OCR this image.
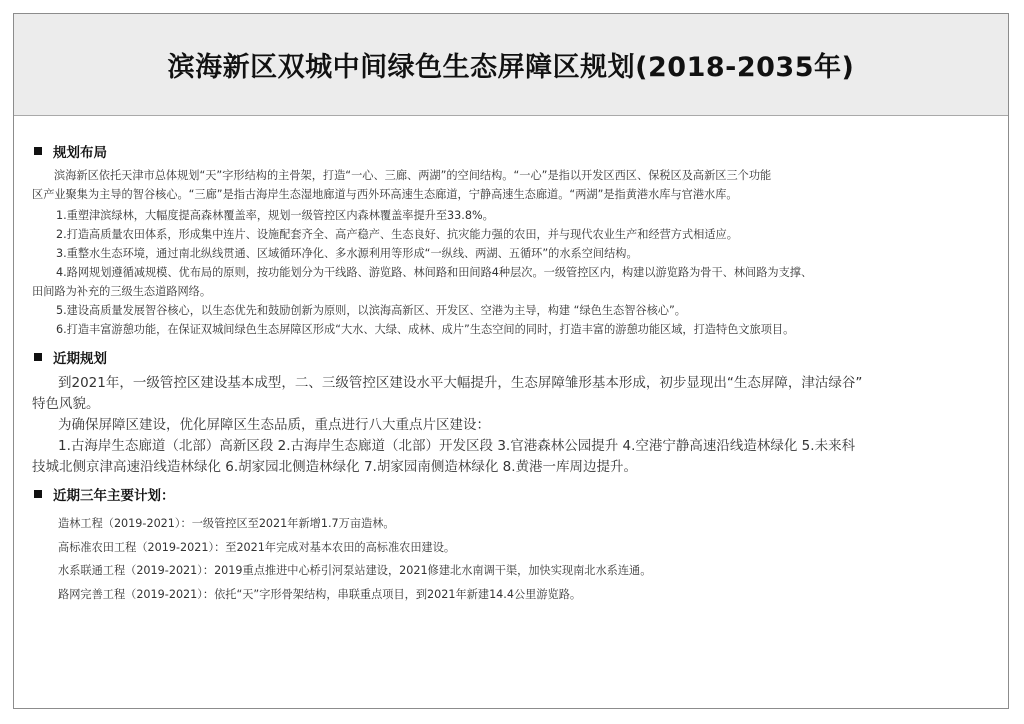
滨海新区双城中间绿色生态屏障区规划(2018-2035年)
规划布局

滨海新区依托天津市总体规划“天”字形结构的主骨架，打造“一心、三廊、两湖”的空间结构。“一心”是指以开发区西区、保税区及高新区三个功能

区产业聚集为主导的智谷核心。“三廊”是指古海岸生态湿地廊道与西外环高速生态廊道，宁静高速生态廊道。“两湖”是指黄港水库与官港水库。

1.重塑津滨绿林，大幅度提高森林覆盖率，规划一级管控区内森林覆盖率提升至33.8%。

2.打造高质量农田体系，形成集中连片、设施配套齐全、高产稳产、生态良好、抗灾能力强的农田，并与现代农业生产和经营方式相适应。

3.重整水生态环境，通过南北纵线贯通、区域循环净化、多水源利用等形成“一纵线、两湖、五循环”的水系空间结构。

4.路网规划遵循减规模、优布局的原则，按功能划分为干线路、游览路、林间路和田间路4种层次。一级管控区内，构建以游览路为骨干、林间路为支撑、

田间路为补充的三级生态道路网络。

5.建设高质量发展智谷核心，以生态优先和鼓励创新为原则，以滨海高新区、开发区、空港为主导，构建 “绿色生态智谷核心”。

6.打造丰富游憩功能，在保证双城间绿色生态屏障区形成“大水、大绿、成林、成片”生态空间的同时，打造丰富的游憩功能区域，打造特色文旅项目。

近期规划

到2021年，一级管控区建设基本成型，二、三级管控区建设水平大幅提升，生态屏障雏形基本形成，初步显现出“生态屏障，津沽绿谷”

特色风貌。

为确保屏障区建设，优化屏障区生态品质，重点进行八大重点片区建设：

1.古海岸生态廊道（北部）高新区段 2.古海岸生态廊道（北部）开发区段 3.官港森林公园提升 4.空港宁静高速沿线造林绿化 5.未来科

技城北侧京津高速沿线造林绿化 6.胡家园北侧造林绿化 7.胡家园南侧造林绿化 8.黄港一库周边提升。

近期三年主要计划：

造林工程（2019-2021）：一级管控区至2021年新增1.7万亩造林。

高标准农田工程（2019-2021）：至2021年完成对基本农田的高标准农田建设。

水系联通工程（2019-2021）：2019重点推进中心桥引河泵站建设，2021修建北水南调干渠，加快实现南北水系连通。

路网完善工程（2019-2021）：依托“天”字形骨架结构，串联重点项目，到2021年新建14.4公里游览路。
